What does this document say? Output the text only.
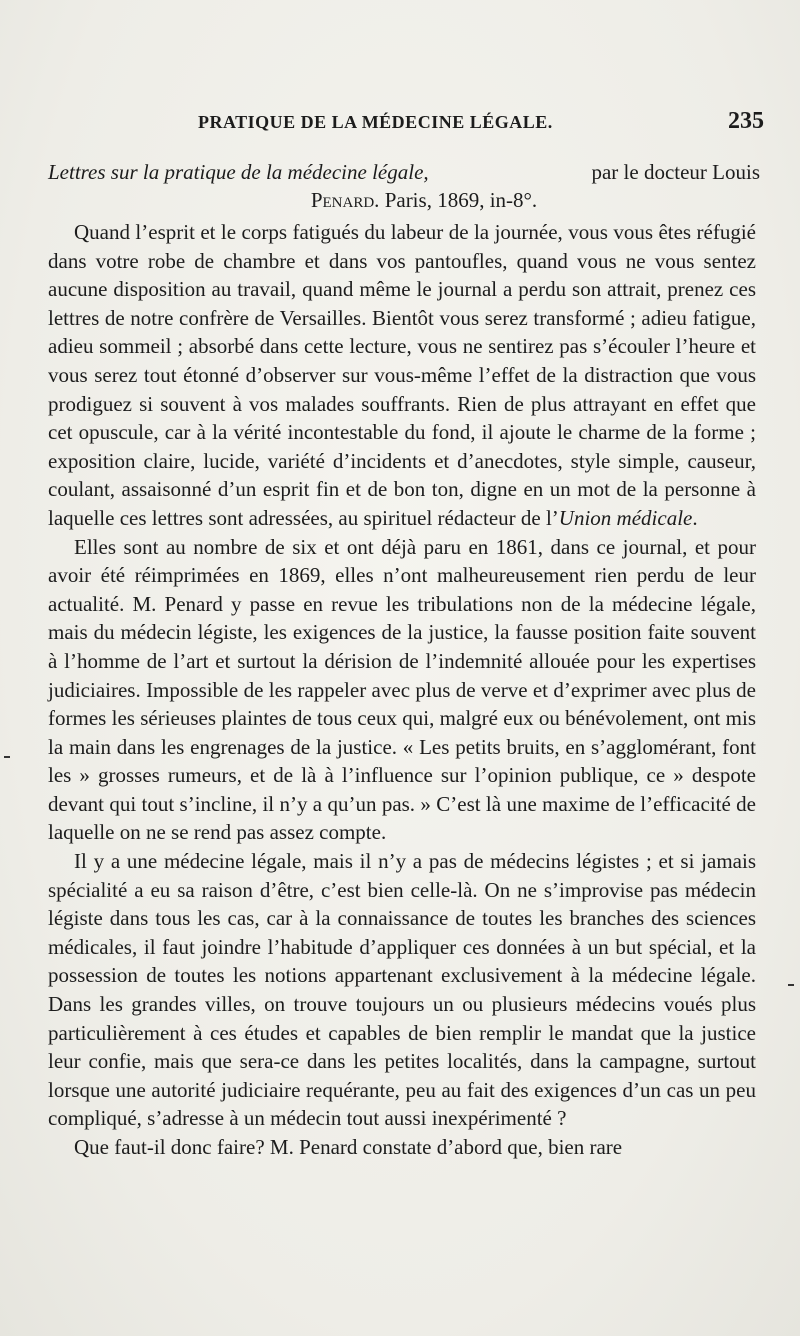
PRATIQUE DE LA MÉDECINE LÉGALE.	235
Lettres sur la pratique de la médecine légale,	par le docteur Louis
Penard. Paris, 1869, in-8°.

Quand l’esprit et le corps fatigués du labeur de la journée, vous vous êtes réfugié dans votre robe de chambre et dans vos pantoufles, quand vous ne vous sentez aucune disposition au travail, quand même le journal a perdu son attrait, prenez ces lettres de notre confrère de Versailles. Bientôt vous serez transformé ; adieu fatigue, adieu sommeil ; absorbé dans cette lecture, vous ne sentirez pas s’écouler l’heure et vous serez tout étonné d’observer sur vous-même l’effet de la distraction que vous prodiguez si souvent à vos malades souffrants. Rien de plus attrayant en effet que cet opuscule, car à la vérité incontestable du fond, il ajoute le charme de la forme ; exposition claire, lucide, variété d’incidents et d’anecdotes, style simple, causeur, coulant, assaisonné d’un esprit fin et de bon ton, digne en un mot de la personne à laquelle ces lettres sont adressées, au spirituel rédacteur de l’Union médicale.

Elles sont au nombre de six et ont déjà paru en 1861, dans ce journal, et pour avoir été réimprimées en 1869, elles n’ont malheureusement rien perdu de leur actualité. M. Penard y passe en revue les tribulations non de la médecine légale, mais du médecin légiste, les exigences de la justice, la fausse position faite souvent à l’homme de l’art et surtout la dérision de l’indemnité allouée pour les expertises judiciaires. Impossible de les rappeler avec plus de verve et d’exprimer avec plus de formes les sérieuses plaintes de tous ceux qui, malgré eux ou bénévolement, ont mis la main dans les engrenages de la justice. « Les petits bruits, en s’agglomérant, font les » grosses rumeurs, et de là à l’influence sur l’opinion publique, ce » despote devant qui tout s’incline, il n’y a qu’un pas. » C’est là une maxime de l’efficacité de laquelle on ne se rend pas assez compte.

Il y a une médecine légale, mais il n’y a pas de médecins légistes ; et si jamais spécialité a eu sa raison d’être, c’est bien celle-là. On ne s’improvise pas médecin légiste dans tous les cas, car à la connaissance de toutes les branches des sciences médicales, il faut joindre l’habitude d’appliquer ces données à un but spécial, et la possession de toutes les notions appartenant exclusivement à la médecine légale. Dans les grandes villes, on trouve toujours un ou plusieurs médecins voués plus particulièrement à ces études et capables de bien remplir le mandat que la justice leur confie, mais que sera-ce dans les petites localités, dans la campagne, surtout lorsque une autorité judiciaire requérante, peu au fait des exigences d’un cas un peu compliqué, s’adresse à un médecin tout aussi inexpérimenté ?

Que faut-il donc faire? M. Penard constate d’abord que, bien rare
